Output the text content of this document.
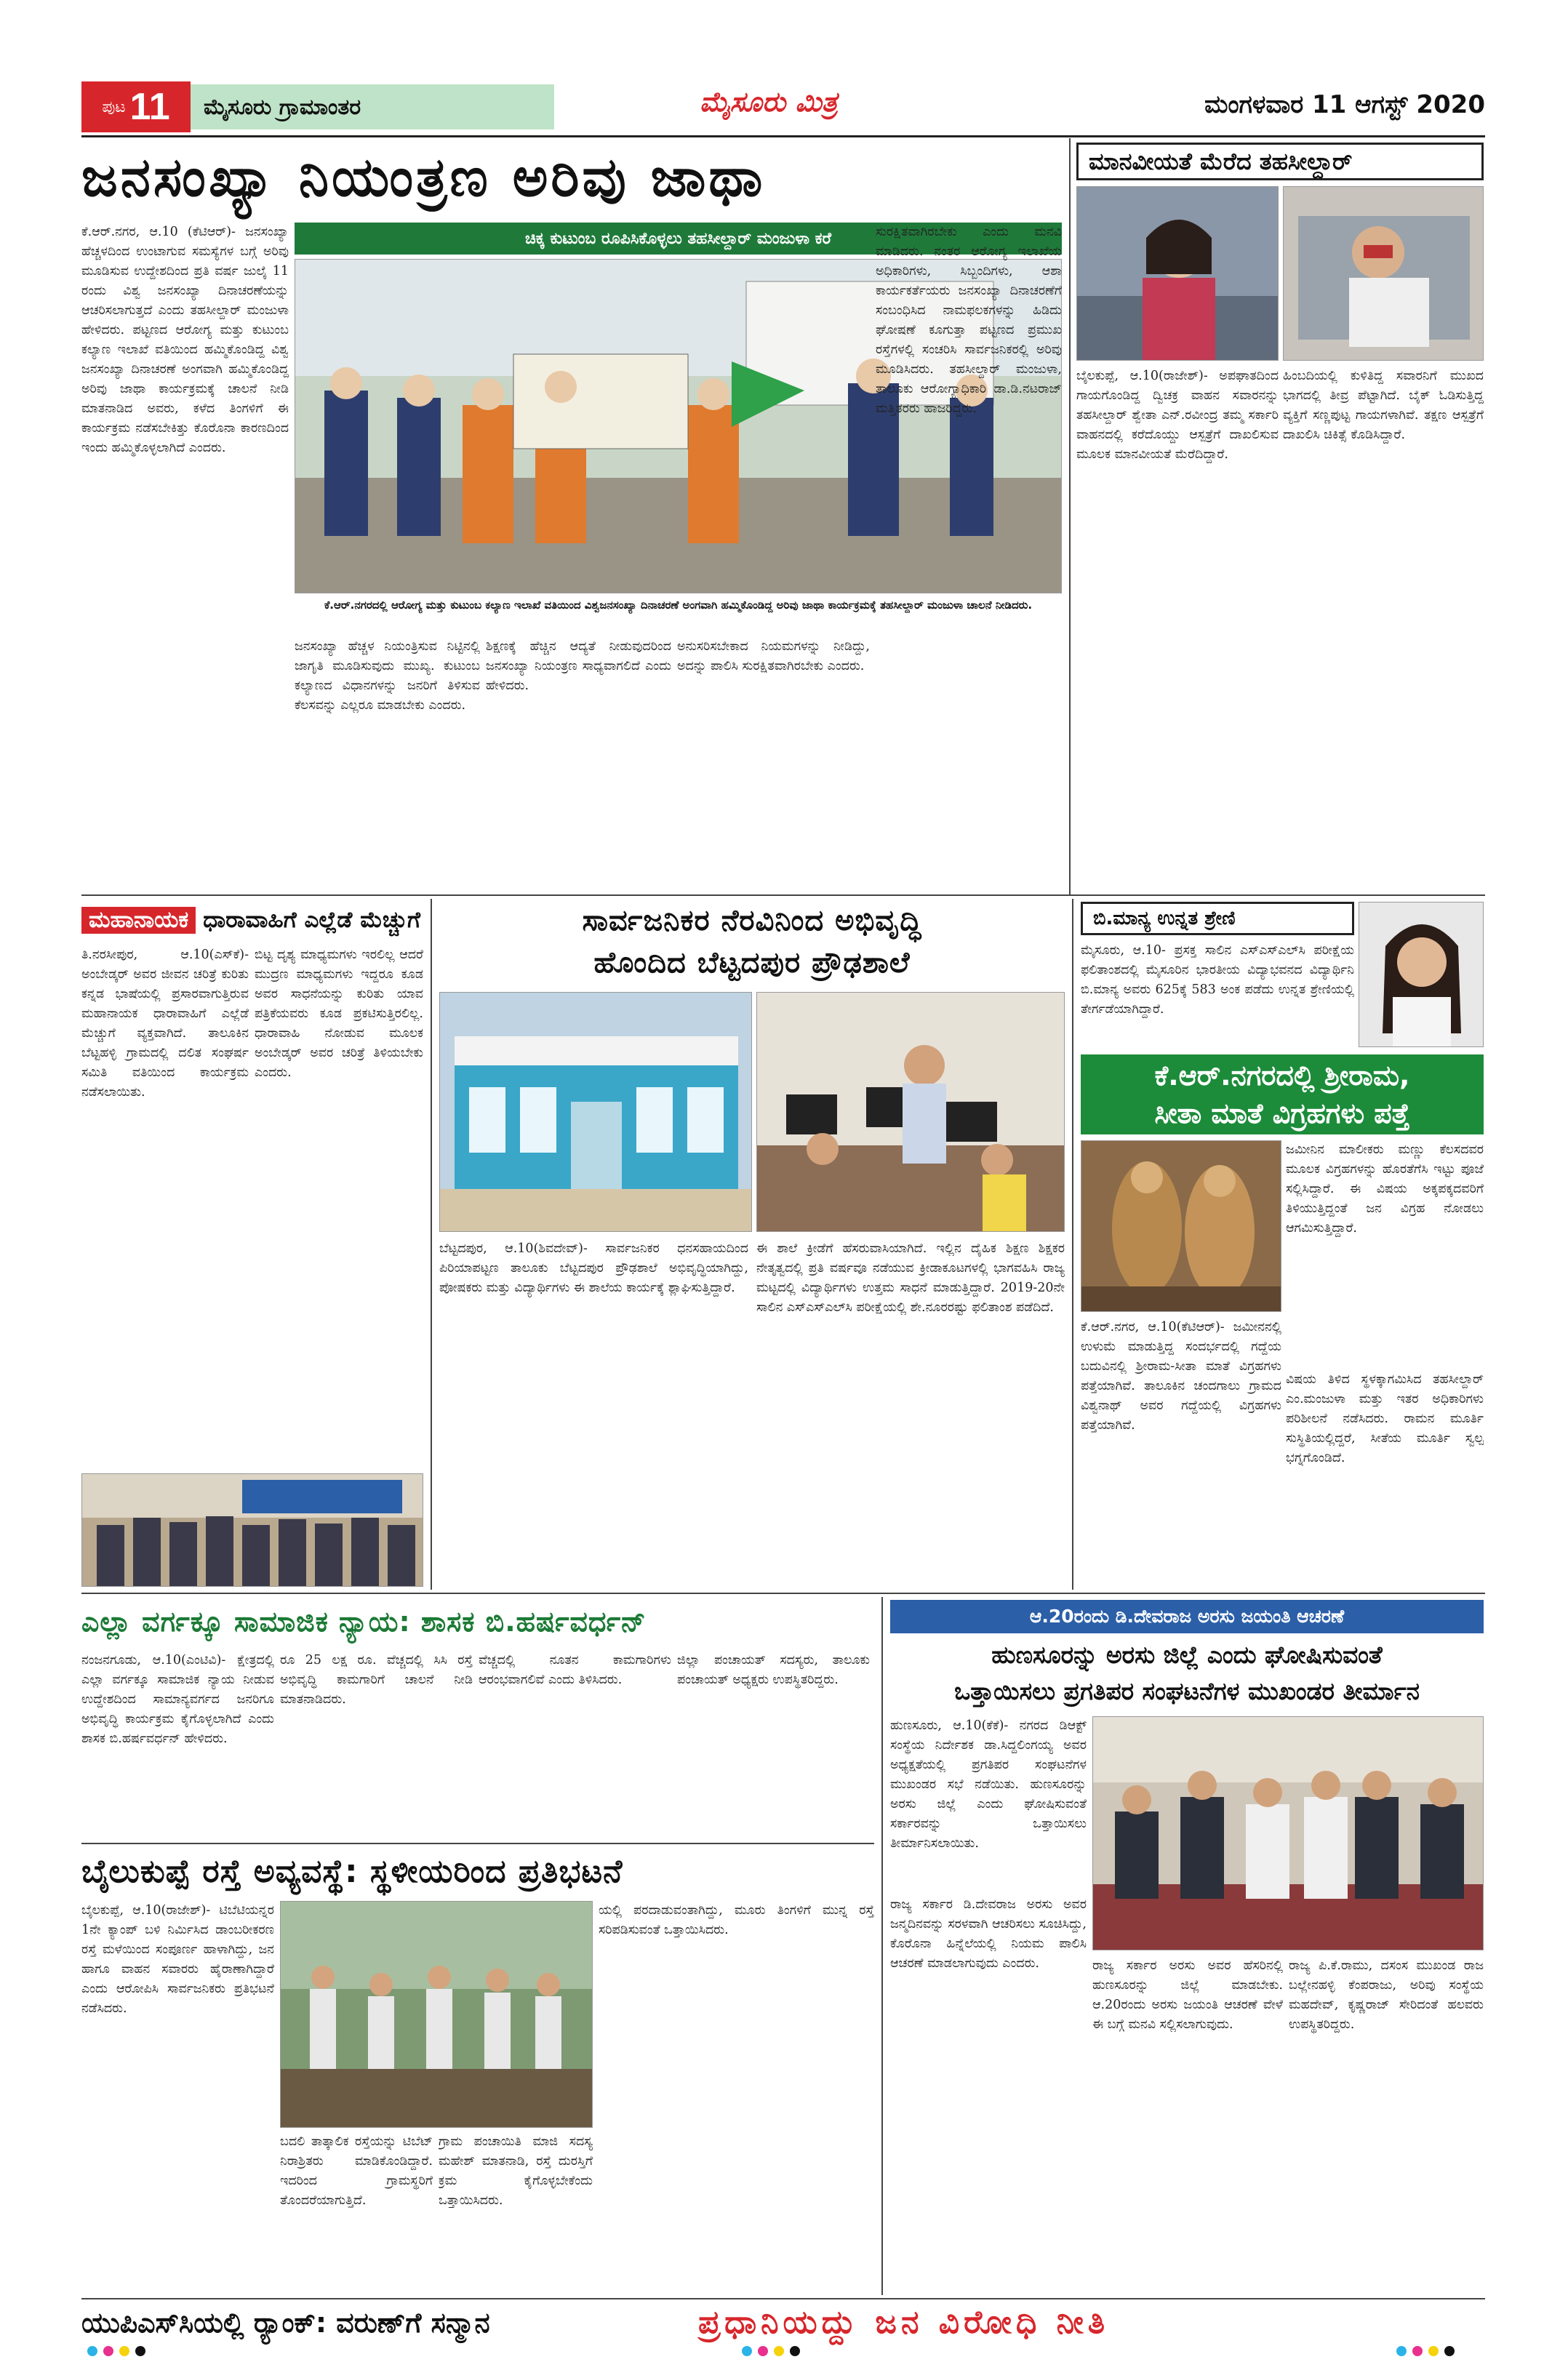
ಪುಟ 11	ಮೈಸೂರು ಗ್ರಾಮಾಂತರ	ಮೈಸೂರು ಮಿತ್ರ	ಮಂಗಳವಾರ 11 ಆಗಸ್ಟ್ 2020
ಜನಸಂಖ್ಯಾ ನಿಯಂತ್ರಣ ಅರಿವು ಜಾಥಾ
ಚಿಕ್ಕ ಕುಟುಂಬ ರೂಪಿಸಿಕೊಳ್ಳಲು ತಹಸೀಲ್ದಾರ್ ಮಂಜುಳಾ ಕರೆ
ಕೆ.ಆರ್.ನಗರ, ಆ.10 (ಕೆಟಿಆರ್)- ಜನಸಂಖ್ಯಾ ಹೆಚ್ಚಳದಿಂದ ಉಂಟಾಗುವ ಸಮಸ್ಯೆಗಳ ಬಗ್ಗೆ ಅರಿವು ಮೂಡಿಸುವ ಉದ್ದೇಶದಿಂದ ಪ್ರತಿ ವರ್ಷ ಜುಲೈ 11 ರಂದು ವಿಶ್ವ ಜನಸಂಖ್ಯಾ ದಿನಾಚರಣೆಯನ್ನು ಆಚರಿಸಲಾಗುತ್ತದೆ ಎಂದು ತಹಸೀಲ್ದಾರ್ ಮಂಜುಳಾ ಹೇಳಿದರು. ಪಟ್ಟಣದ ಆರೋಗ್ಯ ಮತ್ತು ಕುಟುಂಬ ಕಲ್ಯಾಣ ಇಲಾಖೆ ವತಿಯಿಂದ ಹಮ್ಮಿಕೊಂಡಿದ್ದ ವಿಶ್ವ ಜನಸಂಖ್ಯಾ ದಿನಾಚರಣೆ ಅಂಗವಾಗಿ ಹಮ್ಮಿಕೊಂಡಿದ್ದ ಅರಿವು ಜಾಥಾ ಕಾರ್ಯಕ್ರಮಕ್ಕೆ ಚಾಲನೆ ನೀಡಿ ಮಾತನಾಡಿದ ಅವರು, ಕಳೆದ ತಿಂಗಳಿಗೆ ಈ ಕಾರ್ಯಕ್ರಮ ನಡೆಸಬೇಕಿತ್ತು ಕೊರೊನಾ ಕಾರಣದಿಂದ ಇಂದು ಹಮ್ಮಿಕೊಳ್ಳಲಾಗಿದೆ ಎಂದರು.
ಕೆ.ಆರ್.ನಗರದಲ್ಲಿ ಆರೋಗ್ಯ ಮತ್ತು ಕುಟುಂಬ ಕಲ್ಯಾಣ ಇಲಾಖೆ ವತಿಯಿಂದ ವಿಶ್ವಜನಸಂಖ್ಯಾ ದಿನಾಚರಣೆ ಅಂಗವಾಗಿ ಹಮ್ಮಿಕೊಂಡಿದ್ದ ಅರಿವು ಜಾಥಾ ಕಾರ್ಯಕ್ರಮಕ್ಕೆ ತಹಸೀಲ್ದಾರ್ ಮಂಜುಳಾ ಚಾಲನೆ ನೀಡಿದರು.
ಜನಸಂಖ್ಯಾ ಹೆಚ್ಚಳ ನಿಯಂತ್ರಿಸುವ ನಿಟ್ಟಿನಲ್ಲಿ ಜಾಗೃತಿ ಮೂಡಿಸುವುದು ಮುಖ್ಯ. ಕುಟುಂಬ ಕಲ್ಯಾಣದ ವಿಧಾನಗಳನ್ನು ಜನರಿಗೆ ತಿಳಿಸುವ ಕೆಲಸವನ್ನು ಎಲ್ಲರೂ ಮಾಡಬೇಕು ಎಂದರು.
ಶಿಕ್ಷಣಕ್ಕೆ ಹೆಚ್ಚಿನ ಆದ್ಯತೆ ನೀಡುವುದರಿಂದ ಜನಸಂಖ್ಯಾ ನಿಯಂತ್ರಣ ಸಾಧ್ಯವಾಗಲಿದೆ ಎಂದು ಹೇಳಿದರು.
ಅನುಸರಿಸಬೇಕಾದ ನಿಯಮಗಳನ್ನು ನೀಡಿದ್ದು, ಅದನ್ನು ಪಾಲಿಸಿ ಸುರಕ್ಷಿತವಾಗಿರಬೇಕು ಎಂದರು.
ಸುರಕ್ಷಿತವಾಗಿರಬೇಕು ಎಂದು ಮನವಿ ಮಾಡಿದರು. ನಂತರ ಆರೋಗ್ಯ ಇಲಾಖೆಯ ಅಧಿಕಾರಿಗಳು, ಸಿಬ್ಬಂದಿಗಳು, ಆಶಾ ಕಾರ್ಯಕರ್ತೆಯರು ಜನಸಂಖ್ಯಾ ದಿನಾಚರಣೆಗೆ ಸಂಬಂಧಿಸಿದ ನಾಮಫಲಕಗಳನ್ನು ಹಿಡಿದು ಘೋಷಣೆ ಕೂಗುತ್ತಾ ಪಟ್ಟಣದ ಪ್ರಮುಖ ರಸ್ತೆಗಳಲ್ಲಿ ಸಂಚರಿಸಿ ಸಾರ್ವಜನಿಕರಲ್ಲಿ ಅರಿವು ಮೂಡಿಸಿದರು. ತಹಸೀಲ್ದಾರ್ ಮಂಜುಳಾ, ತಾಲೂಕು ಆರೋಗ್ಯಾಧಿಕಾರಿ ಡಾ.ಡಿ.ನಟರಾಜ್ ಮತ್ತಿತರರು ಹಾಜರಿದ್ದರು.
ಮಾನವೀಯತೆ ಮೆರೆದ ತಹಸೀಲ್ದಾರ್
ಬೈಲಕುಪ್ಪೆ, ಆ.10(ರಾಜೇಶ್)- ಅಪಘಾತದಿಂದ ಗಾಯಗೊಂಡಿದ್ದ ದ್ವಿಚಕ್ರ ವಾಹನ ಸವಾರನನ್ನು ತಹಸೀಲ್ದಾರ್ ಶ್ವೇತಾ ಎನ್.ರವೀಂದ್ರ ತಮ್ಮ ಸರ್ಕಾರಿ ವಾಹನದಲ್ಲಿ ಕರೆದೊಯ್ದು ಆಸ್ಪತ್ರೆಗೆ ದಾಖಲಿಸುವ ಮೂಲಕ ಮಾನವೀಯತೆ ಮೆರೆದಿದ್ದಾರೆ.
ಹಿಂಬದಿಯಲ್ಲಿ ಕುಳಿತಿದ್ದ ಸವಾರನಿಗೆ ಮುಖದ ಭಾಗದಲ್ಲಿ ತೀವ್ರ ಪೆಟ್ಟಾಗಿದೆ. ಬೈಕ್ ಓಡಿಸುತ್ತಿದ್ದ ವ್ಯಕ್ತಿಗೆ ಸಣ್ಣಪುಟ್ಟ ಗಾಯಗಳಾಗಿವೆ. ತಕ್ಷಣ ಆಸ್ಪತ್ರೆಗೆ ದಾಖಲಿಸಿ ಚಿಕಿತ್ಸೆ ಕೊಡಿಸಿದ್ದಾರೆ.
ಮಹಾನಾಯಕ ಧಾರಾವಾಹಿಗೆ ಎಲ್ಲೆಡೆ ಮೆಚ್ಚುಗೆ
ತಿ.ನರಸೀಪುರ, ಆ.10(ಎಸ್‌ಕೆ)- ಅಂಬೇಡ್ಕರ್ ಅವರ ಜೀವನ ಚರಿತ್ರೆ ಕುರಿತು ಕನ್ನಡ ಭಾಷೆಯಲ್ಲಿ ಪ್ರಸಾರವಾಗುತ್ತಿರುವ ಮಹಾನಾಯಕ ಧಾರಾವಾಹಿಗೆ ಎಲ್ಲೆಡೆ ಮೆಚ್ಚುಗೆ ವ್ಯಕ್ತವಾಗಿದೆ. ತಾಲೂಕಿನ ಬೆಟ್ಟಹಳ್ಳಿ ಗ್ರಾಮದಲ್ಲಿ ದಲಿತ ಸಂಘರ್ಷ ಸಮಿತಿ ವತಿಯಿಂದ ಕಾರ್ಯಕ್ರಮ ನಡೆಸಲಾಯಿತು.
ಬಿಟ್ಟ ದೃಶ್ಯ ಮಾಧ್ಯಮಗಳು ಇರಲಿಲ್ಲ ಆದರೆ ಮುದ್ರಣ ಮಾಧ್ಯಮಗಳು ಇದ್ದರೂ ಕೂಡ ಅವರ ಸಾಧನೆಯನ್ನು ಕುರಿತು ಯಾವ ಪತ್ರಿಕೆಯವರು ಕೂಡ ಪ್ರಕಟಿಸುತ್ತಿರಲಿಲ್ಲ. ಧಾರಾವಾಹಿ ನೋಡುವ ಮೂಲಕ ಅಂಬೇಡ್ಕರ್ ಅವರ ಚರಿತ್ರೆ ತಿಳಿಯಬೇಕು ಎಂದರು.
ಸಾರ್ವಜನಿಕರ ನೆರವಿನಿಂದ ಅಭಿವೃದ್ಧಿ
ಹೊಂದಿದ ಬೆಟ್ಟದಪುರ ಪ್ರೌಢಶಾಲೆ
ಬೆಟ್ಟದಪುರ, ಆ.10(ಶಿವದೇವ್)- ಸಾರ್ವಜನಿಕರ ಧನಸಹಾಯದಿಂದ ಪಿರಿಯಾಪಟ್ಟಣ ತಾಲೂಕು ಬೆಟ್ಟದಪುರ ಪ್ರೌಢಶಾಲೆ ಅಭಿವೃದ್ಧಿಯಾಗಿದ್ದು, ಪೋಷಕರು ಮತ್ತು ವಿದ್ಯಾರ್ಥಿಗಳು ಈ ಶಾಲೆಯ ಕಾರ್ಯಕ್ಕೆ ಶ್ಲಾಘಿಸುತ್ತಿದ್ದಾರೆ.
ಈ ಶಾಲೆ ಕ್ರೀಡೆಗೆ ಹೆಸರುವಾಸಿಯಾಗಿದೆ. ಇಲ್ಲಿನ ದೈಹಿಕ ಶಿಕ್ಷಣ ಶಿಕ್ಷಕರ ನೇತೃತ್ವದಲ್ಲಿ ಪ್ರತಿ ವರ್ಷವೂ ನಡೆಯುವ ಕ್ರೀಡಾಕೂಟಗಳಲ್ಲಿ ಭಾಗವಹಿಸಿ ರಾಜ್ಯ ಮಟ್ಟದಲ್ಲಿ ವಿದ್ಯಾರ್ಥಿಗಳು ಉತ್ತಮ ಸಾಧನೆ ಮಾಡುತ್ತಿದ್ದಾರೆ. 2019-20ನೇ ಸಾಲಿನ ಎಸ್ಎಸ್ಎಲ್‌ಸಿ ಪರೀಕ್ಷೆಯಲ್ಲಿ ಶೇ.ನೂರರಷ್ಟು ಫಲಿತಾಂಶ ಪಡೆದಿದೆ.
ಬಿ.ಮಾನ್ಯ ಉನ್ನತ ಶ್ರೇಣಿ
ಮೈಸೂರು, ಆ.10- ಪ್ರಸಕ್ತ ಸಾಲಿನ ಎಸ್ಎಸ್ಎಲ್‌ಸಿ ಪರೀಕ್ಷೆಯ ಫಲಿತಾಂಶದಲ್ಲಿ ಮೈಸೂರಿನ ಭಾರತೀಯ ವಿದ್ಯಾಭವನದ ವಿದ್ಯಾರ್ಥಿನಿ ಬಿ.ಮಾನ್ಯ ಅವರು 625ಕ್ಕೆ 583 ಅಂಕ ಪಡೆದು ಉನ್ನತ ಶ್ರೇಣಿಯಲ್ಲಿ ತೇರ್ಗಡೆಯಾಗಿದ್ದಾರೆ.
ಕೆ.ಆರ್.ನಗರದಲ್ಲಿ ಶ್ರೀರಾಮ,
ಸೀತಾ ಮಾತೆ ವಿಗ್ರಹಗಳು ಪತ್ತೆ
ಜಮೀನಿನ ಮಾಲೀಕರು ಮಣ್ಣು ಕೆಲಸದವರ ಮೂಲಕ ವಿಗ್ರಹಗಳನ್ನು ಹೊರತೆಗೆಸಿ ಇಟ್ಟು ಪೂಜೆ ಸಲ್ಲಿಸಿದ್ದಾರೆ. ಈ ವಿಷಯ ಅಕ್ಕಪಕ್ಕದವರಿಗೆ ತಿಳಿಯುತ್ತಿದ್ದಂತೆ ಜನ ವಿಗ್ರಹ ನೋಡಲು ಆಗಮಿಸುತ್ತಿದ್ದಾರೆ.
ಕೆ.ಆರ್.ನಗರ, ಆ.10(ಕೆಟಿಆರ್)- ಜಮೀನನಲ್ಲಿ ಉಳುಮೆ ಮಾಡುತ್ತಿದ್ದ ಸಂದರ್ಭದಲ್ಲಿ ಗದ್ದೆಯ ಬದುವಿನಲ್ಲಿ ಶ್ರೀರಾಮ-ಸೀತಾ ಮಾತೆ ವಿಗ್ರಹಗಳು ಪತ್ತೆಯಾಗಿವೆ. ತಾಲೂಕಿನ ಚಂದಗಾಲು ಗ್ರಾಮದ ವಿಶ್ವನಾಥ್ ಅವರ ಗದ್ದೆಯಲ್ಲಿ ವಿಗ್ರಹಗಳು ಪತ್ತೆಯಾಗಿವೆ.
ವಿಷಯ ತಿಳಿದ ಸ್ಥಳಕ್ಕಾಗಮಿಸಿದ ತಹಸೀಲ್ದಾರ್ ಎಂ.ಮಂಜುಳಾ ಮತ್ತು ಇತರ ಅಧಿಕಾರಿಗಳು ಪರಿಶೀಲನೆ ನಡೆಸಿದರು. ರಾಮನ ಮೂರ್ತಿ ಸುಸ್ಥಿತಿಯಲ್ಲಿದ್ದರೆ, ಸೀತೆಯ ಮೂರ್ತಿ ಸ್ವಲ್ಪ ಭಗ್ನಗೊಂಡಿದೆ.
ಎಲ್ಲಾ ವರ್ಗಕ್ಕೂ ಸಾಮಾಜಿಕ ನ್ಯಾಯ: ಶಾಸಕ ಬಿ.ಹರ್ಷವರ್ಧನ್
ನಂಜನಗೂಡು, ಆ.10(ಎಂಟಿವಿ)- ಕ್ಷೇತ್ರದಲ್ಲಿ ಎಲ್ಲಾ ವರ್ಗಕ್ಕೂ ಸಾಮಾಜಿಕ ನ್ಯಾಯ ನೀಡುವ ಉದ್ದೇಶದಿಂದ ಸಾಮಾನ್ಯವರ್ಗದ ಜನರಿಗೂ ಅಭಿವೃದ್ಧಿ ಕಾರ್ಯಕ್ರಮ ಕೈಗೊಳ್ಳಲಾಗಿದೆ ಎಂದು ಶಾಸಕ ಬಿ.ಹರ್ಷವರ್ಧನ್ ಹೇಳಿದರು.
ರೂ 25 ಲಕ್ಷ ರೂ. ವೆಚ್ಚದಲ್ಲಿ ಸಿಸಿ ರಸ್ತೆ ಅಭಿವೃದ್ಧಿ ಕಾಮಗಾರಿಗೆ ಚಾಲನೆ ನೀಡಿ ಮಾತನಾಡಿದರು.
ವೆಚ್ಚದಲ್ಲಿ ನೂತನ ಕಾಮಗಾರಿಗಳು ಆರಂಭವಾಗಲಿವೆ ಎಂದು ತಿಳಿಸಿದರು.
ಜಿಲ್ಲಾ ಪಂಚಾಯತ್ ಸದಸ್ಯರು, ತಾಲೂಕು ಪಂಚಾಯತ್ ಅಧ್ಯಕ್ಷರು ಉಪಸ್ಥಿತರಿದ್ದರು.
ಬೈಲುಕುಪ್ಪೆ ರಸ್ತೆ ಅವ್ಯವಸ್ಥೆ: ಸ್ಥಳೀಯರಿಂದ ಪ್ರತಿಭಟನೆ
ಬೈಲಕುಪ್ಪೆ, ಆ.10(ರಾಜೇಶ್)- ಟಿಬೆಟಿಯನ್ನರ 1ನೇ ಕ್ಯಾಂಪ್ ಬಳಿ ನಿರ್ಮಿಸಿದ ಡಾಂಬರೀಕರಣ ರಸ್ತೆ ಮಳೆಯಿಂದ ಸಂಪೂರ್ಣ ಹಾಳಾಗಿದ್ದು, ಜನ ಹಾಗೂ ವಾಹನ ಸವಾರರು ಹೈರಾಣಾಗಿದ್ದಾರೆ ಎಂದು ಆರೋಪಿಸಿ ಸಾರ್ವಜನಿಕರು ಪ್ರತಿಭಟನೆ ನಡೆಸಿದರು.
ಬದಲಿ ತಾತ್ಕಾಲಿಕ ರಸ್ತೆಯನ್ನು ಟಿಬೆಟ್ ನಿರಾಶ್ರಿತರು ಮಾಡಿಕೊಂಡಿದ್ದಾರೆ. ಇದರಿಂದ ಗ್ರಾಮಸ್ಥರಿಗೆ ತೊಂದರೆಯಾಗುತ್ತಿದೆ.
ಗ್ರಾಮ ಪಂಚಾಯಿತಿ ಮಾಜಿ ಸದಸ್ಯ ಮಹೇಶ್ ಮಾತನಾಡಿ, ರಸ್ತೆ ದುರಸ್ತಿಗೆ ಕ್ರಮ ಕೈಗೊಳ್ಳಬೇಕೆಂದು ಒತ್ತಾಯಿಸಿದರು.
ಯಲ್ಲಿ ಪರದಾಡುವಂತಾಗಿದ್ದು, ಮೂರು ತಿಂಗಳಿಗೆ ಮುನ್ನ ರಸ್ತೆ ಸರಿಪಡಿಸುವಂತೆ ಒತ್ತಾಯಿಸಿದರು.
ಆ.20ರಂದು ಡಿ.ದೇವರಾಜ ಅರಸು ಜಯಂತಿ ಆಚರಣೆ
ಹುಣಸೂರನ್ನು ಅರಸು ಜಿಲ್ಲೆ ಎಂದು ಘೋಷಿಸುವಂತೆ
ಒತ್ತಾಯಿಸಲು ಪ್ರಗತಿಪರ ಸಂಘಟನೆಗಳ ಮುಖಂಡರ ತೀರ್ಮಾನ
ಹುಣಸೂರು, ಆ.10(ಕೆಕೆ)- ನಗರದ ಡಿಆಕ್ಟ್ ಸಂಸ್ಥೆಯ ನಿರ್ದೇಶಕ ಡಾ.ಸಿದ್ದಲಿಂಗಯ್ಯ ಅವರ ಅಧ್ಯಕ್ಷತೆಯಲ್ಲಿ ಪ್ರಗತಿಪರ ಸಂಘಟನೆಗಳ ಮುಖಂಡರ ಸಭೆ ನಡೆಯಿತು. ಹುಣಸೂರನ್ನು ಅರಸು ಜಿಲ್ಲೆ ಎಂದು ಘೋಷಿಸುವಂತೆ ಸರ್ಕಾರವನ್ನು ಒತ್ತಾಯಿಸಲು ತೀರ್ಮಾನಿಸಲಾಯಿತು.
ರಾಜ್ಯ ಸರ್ಕಾರ ಡಿ.ದೇವರಾಜ ಅರಸು ಅವರ ಜನ್ಮದಿನವನ್ನು ಸರಳವಾಗಿ ಆಚರಿಸಲು ಸೂಚಿಸಿದ್ದು, ಕೊರೊನಾ ಹಿನ್ನೆಲೆಯಲ್ಲಿ ನಿಯಮ ಪಾಲಿಸಿ ಆಚರಣೆ ಮಾಡಲಾಗುವುದು ಎಂದರು.	ರಾಜ್ಯ ಸರ್ಕಾರ ಅರಸು ಅವರ ಹೆಸರಿನಲ್ಲಿ ಹುಣಸೂರನ್ನು ಜಿಲ್ಲೆ ಮಾಡಬೇಕು. ಆ.20ರಂದು ಅರಸು ಜಯಂತಿ ಆಚರಣೆ ವೇಳೆ ಈ ಬಗ್ಗೆ ಮನವಿ ಸಲ್ಲಿಸಲಾಗುವುದು.
ರಾಜ್ಯ ಪಿ.ಕೆ.ರಾಮು, ದಸಂಸ ಮುಖಂಡ ರಾಜ ಬಲ್ಲೇನಹಳ್ಳಿ ಕೆಂಪರಾಜು, ಅರಿವು ಸಂಸ್ಥೆಯ ಮಹದೇವ್, ಕೃಷ್ಣರಾಜ್ ಸೇರಿದಂತೆ ಹಲವರು ಉಪಸ್ಥಿತರಿದ್ದರು.
ಯುಪಿಎಸ್‌ಸಿಯಲ್ಲಿ ರ‍್ಯಾಂಕ್: ವರುಣ್‌ಗೆ ಸನ್ಮಾನ	ಪ್ರಧಾನಿಯದ್ದು ಜನ ವಿರೋಧಿ ನೀತಿ
